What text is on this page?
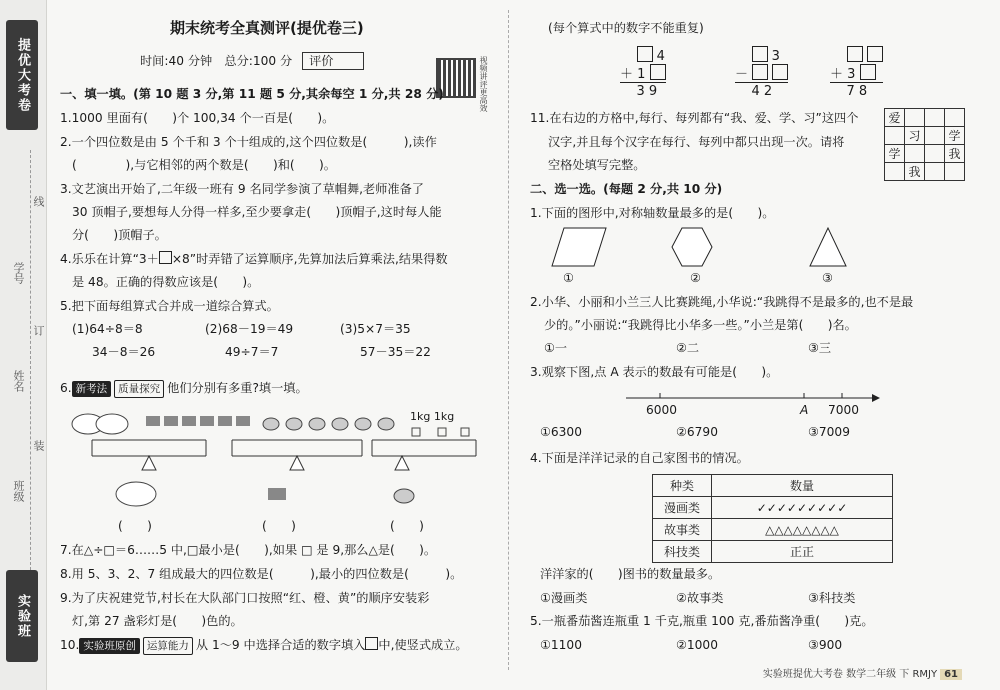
提优大考卷
班级
姓名
学号
装
订
线
实验班
期末统考全真测评(提优卷三)
时间:40 分钟　总分:100 分 评价	视频讲评更高效
一、填一填。(第 10 题 3 分,第 11 题 5 分,其余每空 1 分,共 28 分)
1.1000 里面有(　　)个 100,34 个一百是(　　)。
2.一个四位数是由 5 个千和 3 个十组成的,这个四位数是(　　　),读作
(　　　　),与它相邻的两个数是(　　)和(　　)。
3.文艺演出开始了,二年级一班有 9 名同学参演了草帽舞,老师准备了
30 顶帽子,要想每人分得一样多,至少要拿走(　　)顶帽子,这时每人能
分(　　)顶帽子。
4.乐乐在计算“3＋ ×8”时弄错了运算顺序,先算加法后算乘法,结果得数
是 48。正确的得数应该是(　　)。
5.把下面每组算式合并成一道综合算式。
(1)64÷8＝8	(2)68－19＝49	(3)5×7＝35
34－8＝26	49÷7＝7	57－35＝22
6. 新考法 质量探究 他们分别有多重?填一填。
1kg 1kg
(　　)	(　　)	(　　)
7.在△÷□＝6……5 中,□最小是(　　),如果 □ 是 9,那么△是(　　)。
8.用 5、3、2、7 组成最大的四位数是(　　　),最小的四位数是(　　　)。
9.为了庆祝建党节,村长在大队部门口按照“红、橙、黄”的顺序安装彩
灯,第 27 盏彩灯是(　　)色的。
10. 实验班原创 运算能力 从 1～9 中选择合适的数字填入 中,使竖式成立。
(每个算式中的数字不能重复)
4
＋ 1
3 9
3
－
4 2

＋ 3
7 8
11.在右边的方格中,每行、每列都有“我、爱、学、习”这四个
汉字,并且每个汉字在每行、每列中都只出现一次。请将
空格处填写完整。
爱			
	习		学
学			我
	我		
二、选一选。(每题 2 分,共 10 分)
1.下面的图形中,对称轴数量最多的是(　　)。
①	②	③
2.小华、小丽和小兰三人比赛跳绳,小华说:“我跳得不是最多的,也不是最
少的。”小丽说:“我跳得比小华多一些。”小兰是第(　　)名。
①一	②二	③三
3.观察下图,点 A 表示的数最有可能是(　　)。
6000	A 7000
①6300	②6790	③7009
4.下面是洋洋记录的自己家图书的情况。
种类	数量
漫画类	✓✓✓✓✓✓✓✓✓
故事类	△△△△△△△△
科技类	正正
洋洋家的(　　)图书的数量最多。
①漫画类	②故事类	③科技类
5.一瓶番茄酱连瓶重 1 千克,瓶重 100 克,番茄酱净重(　　)克。
①1100	②1000	③900
实验班提优大考卷 数学二年级 下 RMJY 61
